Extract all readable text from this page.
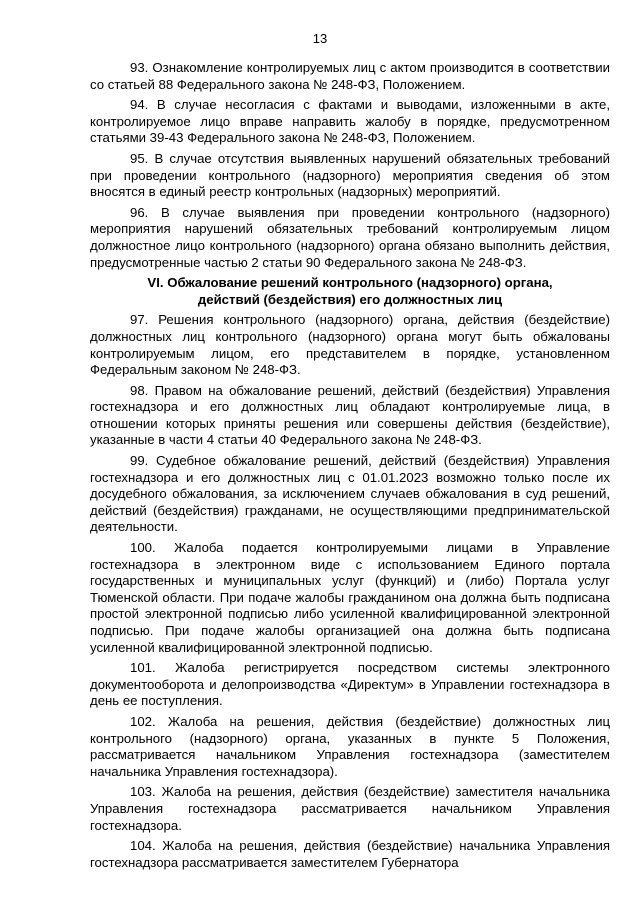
13

93. Ознакомление контролируемых лиц с актом производится в соответствии со статьей 88 Федерального закона № 248-ФЗ, Положением.

94. В случае несогласия с фактами и выводами, изложенными в акте, контролируемое лицо вправе направить жалобу в порядке, предусмотренном статьями 39-43 Федерального закона № 248-ФЗ, Положением.

95. В случае отсутствия выявленных нарушений обязательных требований при проведении контрольного (надзорного) мероприятия сведения об этом вносятся в единый реестр контрольных (надзорных) мероприятий.

96. В случае выявления при проведении контрольного (надзорного) мероприятия нарушений обязательных требований контролируемым лицом должностное лицо контрольного (надзорного) органа обязано выполнить действия, предусмотренные частью 2 статьи 90 Федерального закона № 248-ФЗ.

VI. Обжалование решений контрольного (надзорного) органа,
действий (бездействия) его должностных лиц

97. Решения контрольного (надзорного) органа, действия (бездействие) должностных лиц контрольного (надзорного) органа могут быть обжалованы контролируемым лицом, его представителем в порядке, установленном Федеральным законом № 248-ФЗ.

98. Правом на обжалование решений, действий (бездействия) Управления гостехнадзора и его должностных лиц обладают контролируемые лица, в отношении которых приняты решения или совершены действия (бездействие), указанные в части 4 статьи 40 Федерального закона № 248-ФЗ.

99. Судебное обжалование решений, действий (бездействия) Управления гостехнадзора и его должностных лиц с 01.01.2023 возможно только после их досудебного обжалования, за исключением случаев обжалования в суд решений, действий (бездействия) гражданами, не осуществляющими предпринимательской деятельности.

100. Жалоба подается контролируемыми лицами в Управление гостехнадзора в электронном виде с использованием Единого портала государственных и муниципальных услуг (функций) и (либо) Портала услуг Тюменской области. При подаче жалобы гражданином она должна быть подписана простой электронной подписью либо усиленной квалифицированной электронной подписью. При подаче жалобы организацией она должна быть подписана усиленной квалифицированной электронной подписью.

101. Жалоба регистрируется посредством системы электронного документооборота и делопроизводства «Директум» в Управлении гостехнадзора в день ее поступления.

102. Жалоба на решения, действия (бездействие) должностных лиц контрольного (надзорного) органа, указанных в пункте 5 Положения, рассматривается начальником Управления гостехнадзора (заместителем начальника Управления гостехнадзора).

103. Жалоба на решения, действия (бездействие) заместителя начальника Управления гостехнадзора рассматривается начальником Управления гостехнадзора.

104. Жалоба на решения, действия (бездействие) начальника Управления гостехнадзора рассматривается заместителем Губернатора
